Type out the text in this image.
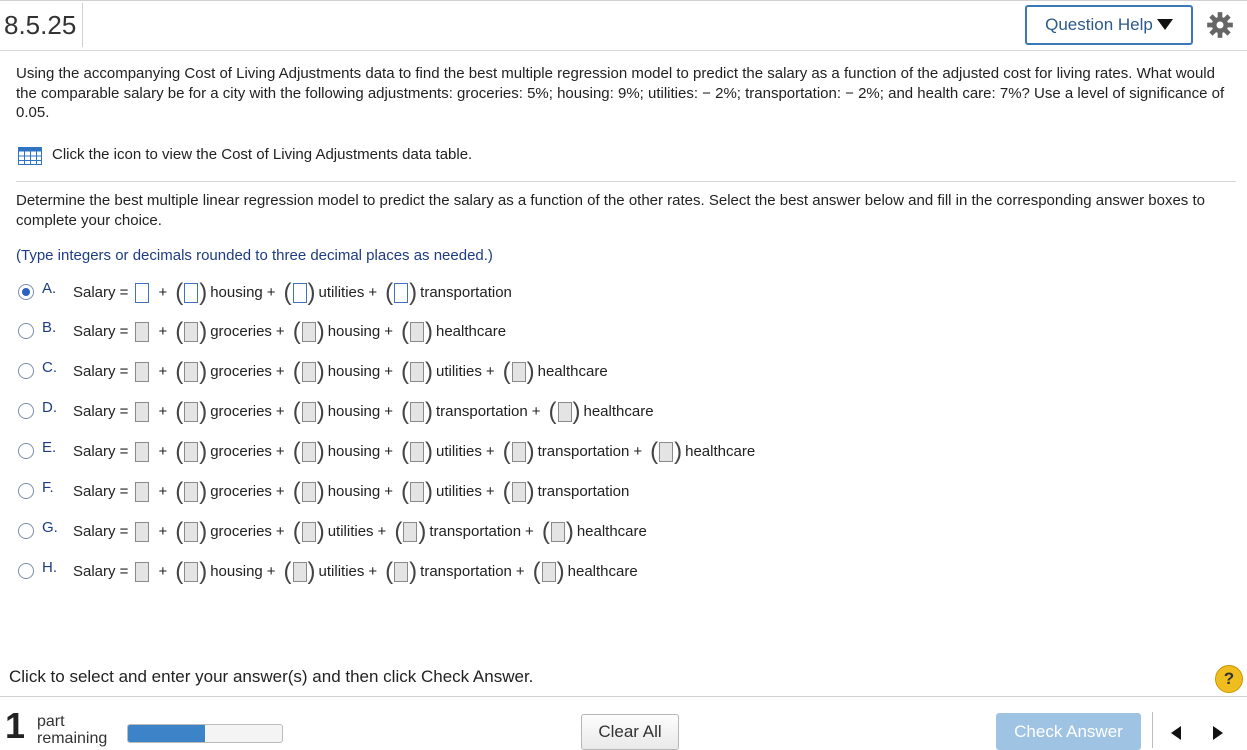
8.5.25	Question Help
Using the accompanying Cost of Living Adjustments data to find the best multiple regression model to predict the salary as a function of the adjusted cost for living rates. What would the comparable salary be for a city with the following adjustments: groceries: 5%; housing: 9%; utilities: − 2%; transportation: − 2%; and health care: 7%? Use a level of significance of 0.05.
Click the icon to view the Cost of Living Adjustments data table.
Determine the best multiple linear regression model to predict the salary as a function of the other rates. Select the best answer below and fill in the corresponding answer boxes to complete your choice.
(Type integers or decimals rounded to three decimal places as needed.)
A. Salary = + ( ) housing + ( ) utilities + ( ) transportation
B. Salary = + ( ) groceries + ( ) housing + ( ) healthcare
C. Salary = + ( ) groceries + ( ) housing + ( ) utilities + ( ) healthcare
D. Salary = + ( ) groceries + ( ) housing + ( ) transportation + ( ) healthcare
E. Salary = + ( ) groceries + ( ) housing + ( ) utilities + ( ) transportation + ( ) healthcare
F. Salary = + ( ) groceries + ( ) housing + ( ) utilities + ( ) transportation
G. Salary = + ( ) groceries + ( ) utilities + ( ) transportation + ( ) healthcare
H. Salary = + ( ) housing + ( ) utilities + ( ) transportation + ( ) healthcare
Click to select and enter your answer(s) and then click Check Answer.	?
1 part
remaining	Clear All	Check Answer
